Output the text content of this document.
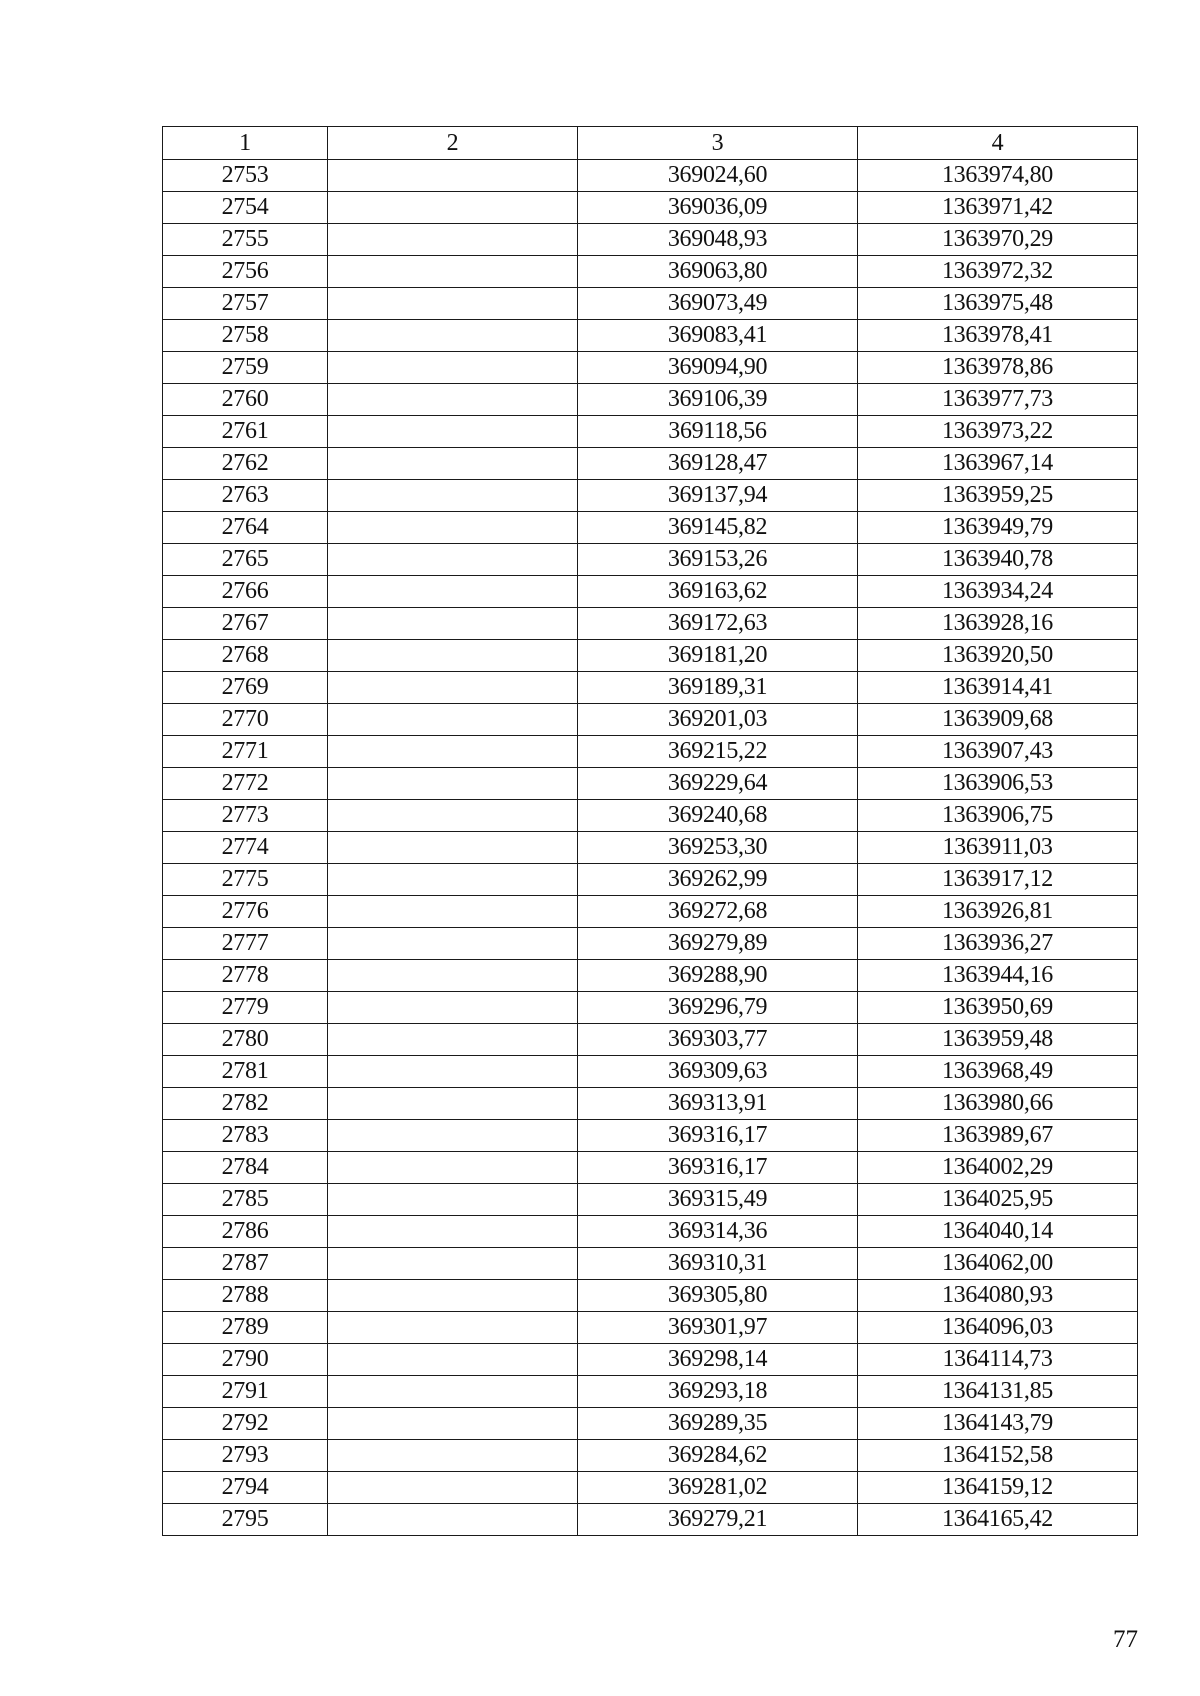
1	2	3	4
2753		369024,60	1363974,80
2754		369036,09	1363971,42
2755		369048,93	1363970,29
2756		369063,80	1363972,32
2757		369073,49	1363975,48
2758		369083,41	1363978,41
2759		369094,90	1363978,86
2760		369106,39	1363977,73
2761		369118,56	1363973,22
2762		369128,47	1363967,14
2763		369137,94	1363959,25
2764		369145,82	1363949,79
2765		369153,26	1363940,78
2766		369163,62	1363934,24
2767		369172,63	1363928,16
2768		369181,20	1363920,50
2769		369189,31	1363914,41
2770		369201,03	1363909,68
2771		369215,22	1363907,43
2772		369229,64	1363906,53
2773		369240,68	1363906,75
2774		369253,30	1363911,03
2775		369262,99	1363917,12
2776		369272,68	1363926,81
2777		369279,89	1363936,27
2778		369288,90	1363944,16
2779		369296,79	1363950,69
2780		369303,77	1363959,48
2781		369309,63	1363968,49
2782		369313,91	1363980,66
2783		369316,17	1363989,67
2784		369316,17	1364002,29
2785		369315,49	1364025,95
2786		369314,36	1364040,14
2787		369310,31	1364062,00
2788		369305,80	1364080,93
2789		369301,97	1364096,03
2790		369298,14	1364114,73
2791		369293,18	1364131,85
2792		369289,35	1364143,79
2793		369284,62	1364152,58
2794		369281,02	1364159,12
2795		369279,21	1364165,42
77
